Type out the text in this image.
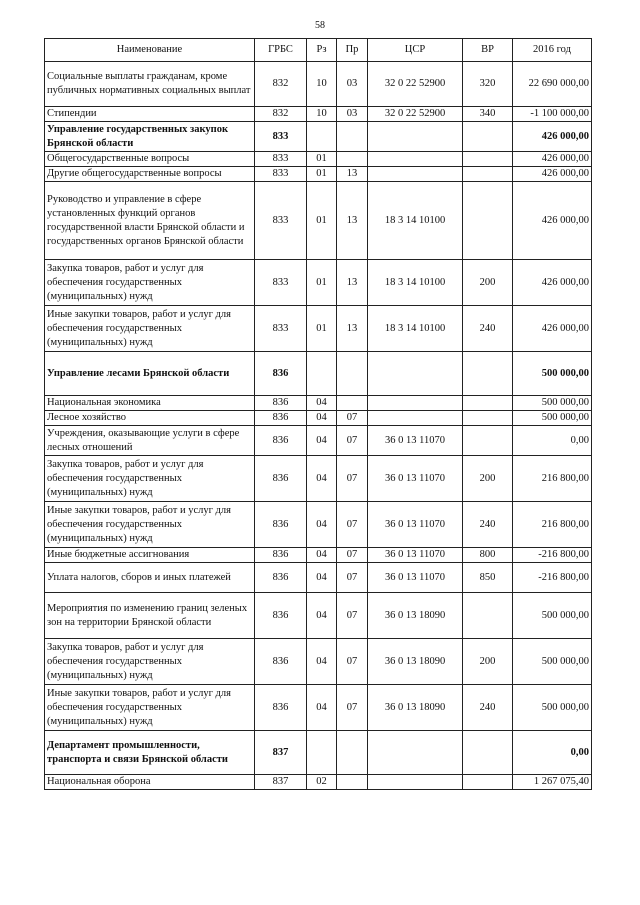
58
Наименование	ГРБС	Рз	Пр	ЦСР	ВР	2016 год
Социальные выплаты гражданам, кроме публичных нормативных социальных выплат	832	10	03	32 0 22 52900	320	22 690 000,00
Стипендии	832	10	03	32 0 22 52900	340	-1 100 000,00
Управление государственных закупок Брянской области	833					426 000,00
Общегосударственные вопросы	833	01				426 000,00
Другие общегосударственные вопросы	833	01	13			426 000,00
Руководство и управление в сфере установленных функций органов государственной власти Брянской области и государственных органов Брянской области	833	01	13	18 3 14 10100		426 000,00
Закупка товаров, работ и услуг для обеспечения государственных (муниципальных) нужд	833	01	13	18 3 14 10100	200	426 000,00
Иные закупки товаров, работ и услуг для обеспечения государственных (муниципальных) нужд	833	01	13	18 3 14 10100	240	426 000,00
Управление лесами Брянской области	836					500 000,00
Национальная экономика	836	04				500 000,00
Лесное хозяйство	836	04	07			500 000,00
Учреждения, оказывающие услуги в сфере лесных отношений	836	04	07	36 0 13 11070		0,00
Закупка товаров, работ и услуг для обеспечения государственных (муниципальных) нужд	836	04	07	36 0 13 11070	200	216 800,00
Иные закупки товаров, работ и услуг для обеспечения государственных (муниципальных) нужд	836	04	07	36 0 13 11070	240	216 800,00
Иные бюджетные ассигнования	836	04	07	36 0 13 11070	800	-216 800,00
Уплата налогов, сборов и иных платежей	836	04	07	36 0 13 11070	850	-216 800,00
Мероприятия по изменению границ зеленых зон на территории Брянской области	836	04	07	36 0 13 18090		500 000,00
Закупка товаров, работ и услуг для обеспечения государственных (муниципальных) нужд	836	04	07	36 0 13 18090	200	500 000,00
Иные закупки товаров, работ и услуг для обеспечения государственных (муниципальных) нужд	836	04	07	36 0 13 18090	240	500 000,00
Департамент промышленности, транспорта и связи Брянской области	837					0,00
Национальная оборона	837	02				1 267 075,40
